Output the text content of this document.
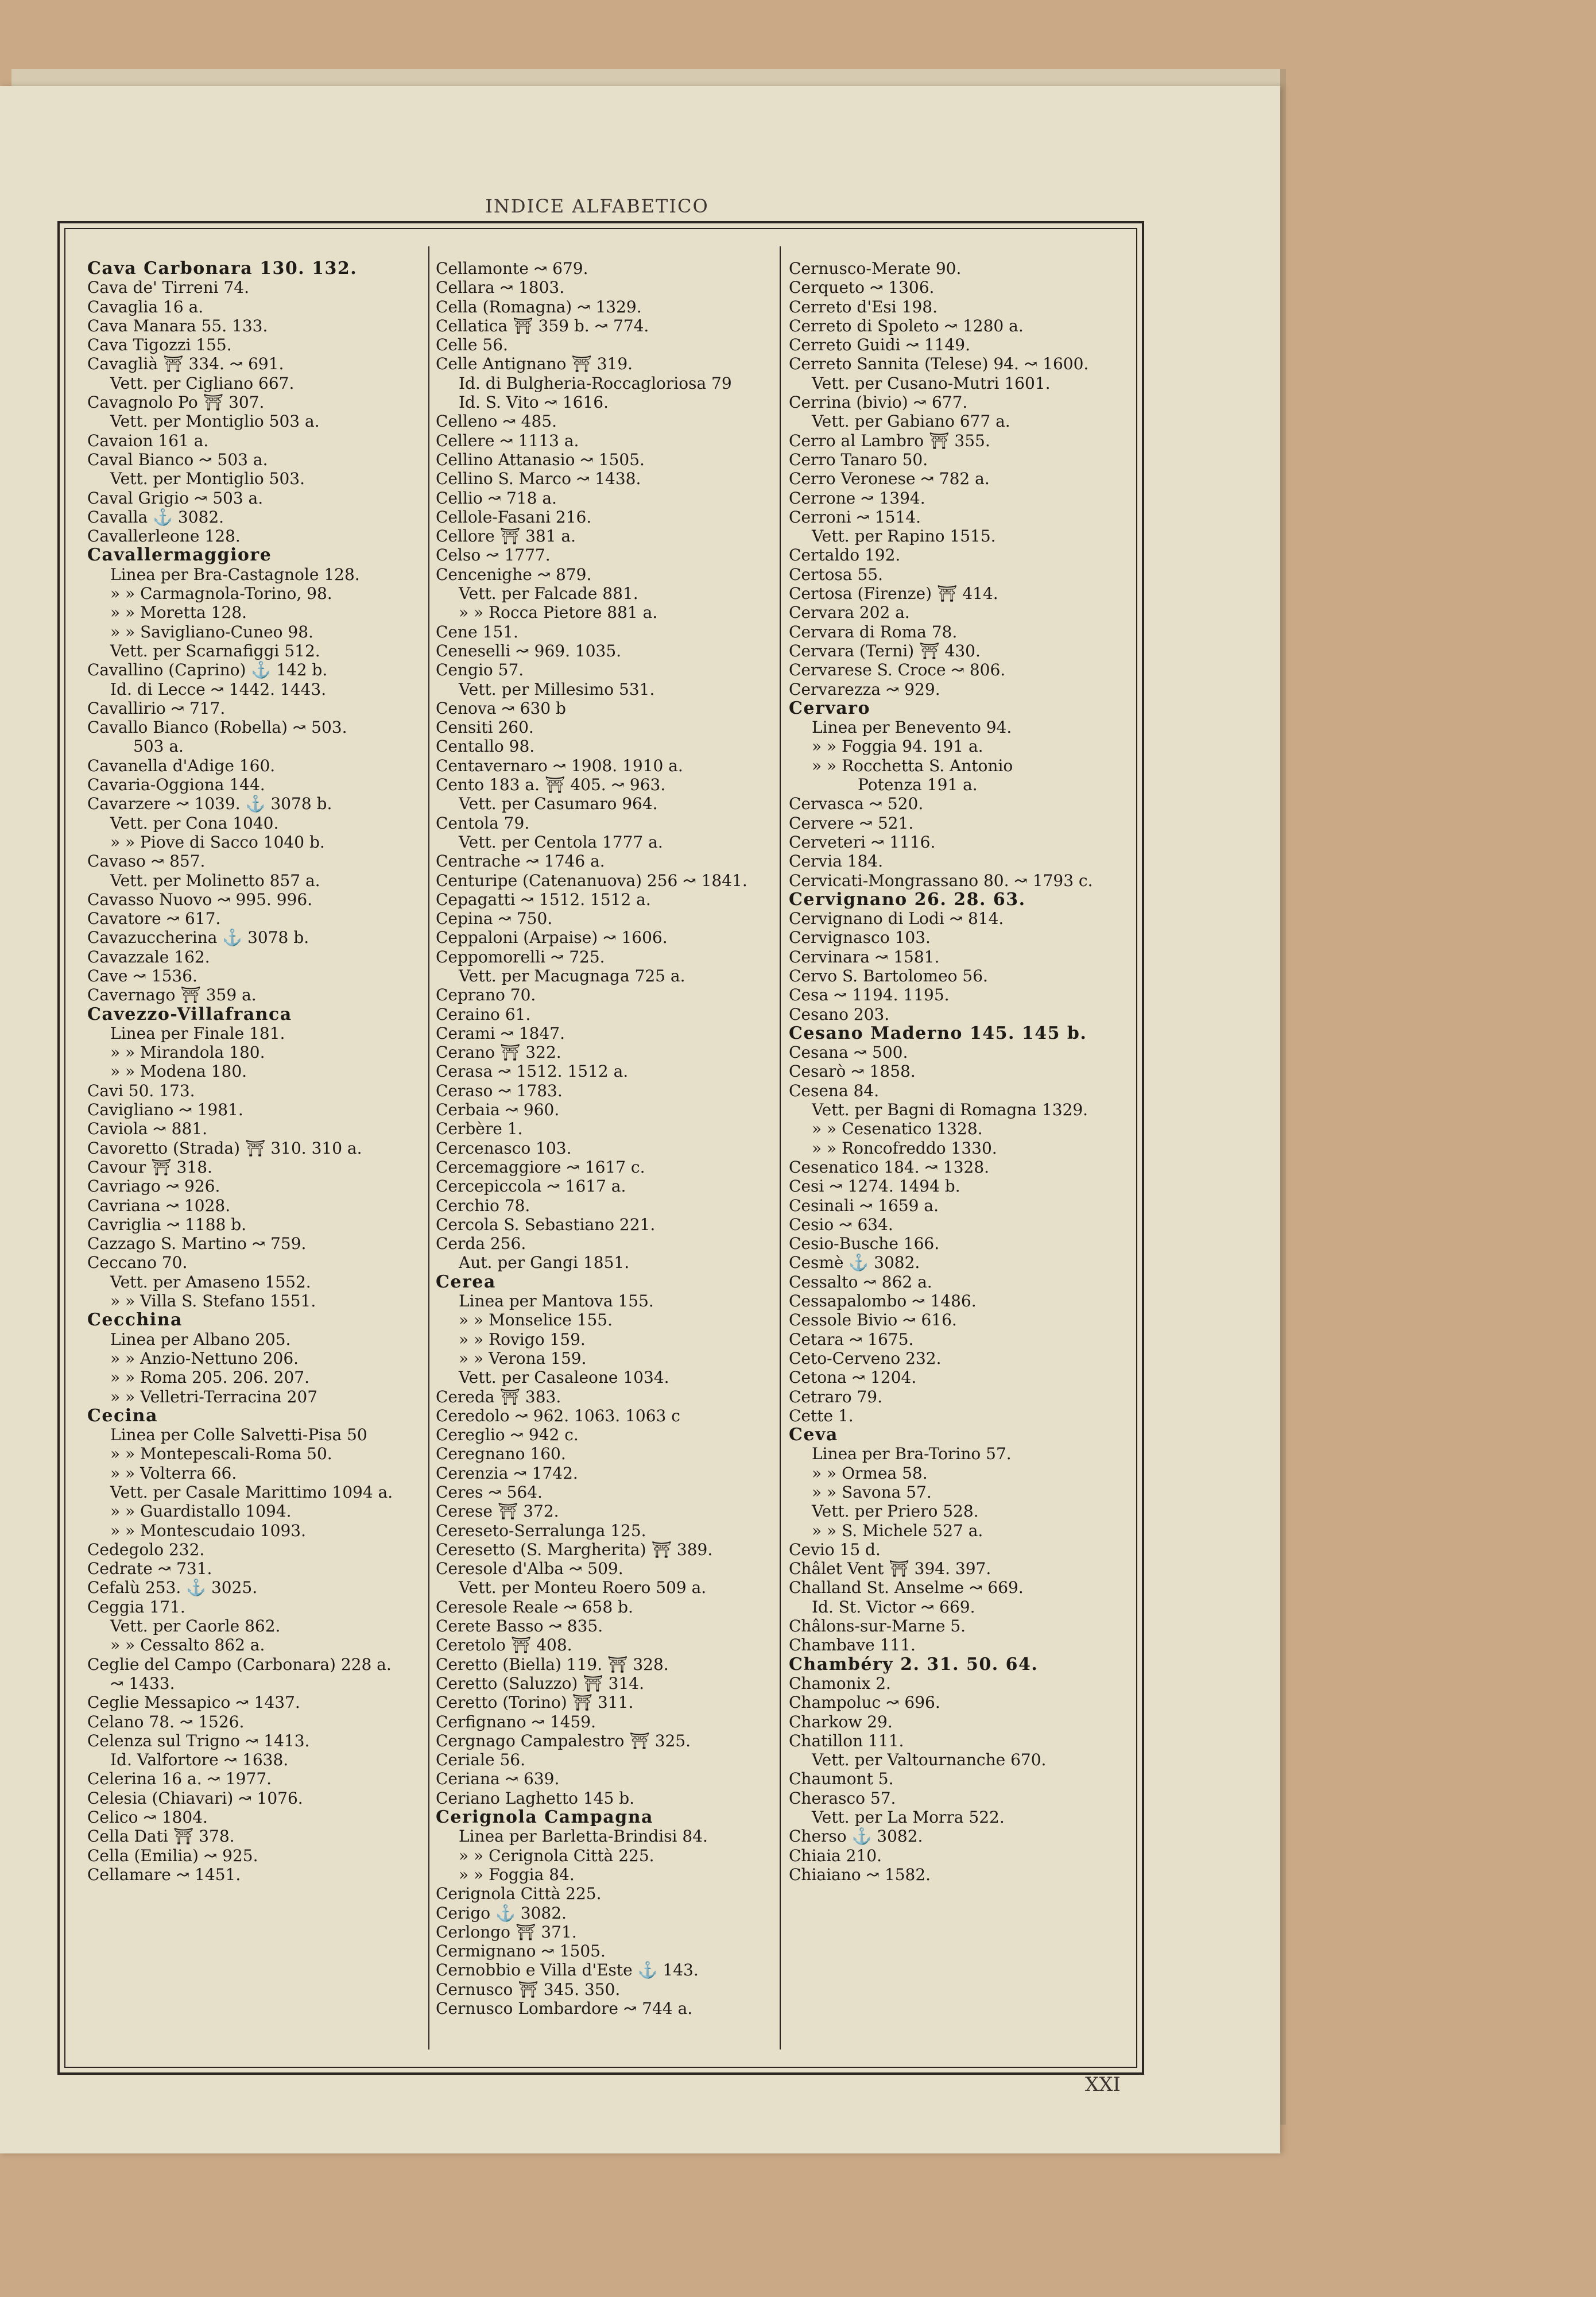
INDICE ALFABETICO
Cava Carbonara 130. 132.
Cava de' Tirreni 74.
Cavaglia 16 a.
Cava Manara 55. 133.
Cava Tigozzi 155.
Cavaglià ⛩ 334. ↝ 691.
Vett. per Cigliano 667.
Cavagnolo Po ⛩ 307.
Vett. per Montiglio 503 a.
Cavaion 161 a.
Caval Bianco ↝ 503 a.
Vett. per Montiglio 503.
Caval Grigio ↝ 503 a.
Cavalla ⚓ 3082.
Cavallerleone 128.
Cavallermaggiore
Linea per Bra-Castagnole 128.
» » Carmagnola-Torino, 98.
» » Moretta 128.
» » Savigliano-Cuneo 98.
Vett. per Scarnafiggi 512.
Cavallino (Caprino) ⚓ 142 b.
Id. di Lecce ↝ 1442. 1443.
Cavallirio ↝ 717.
Cavallo Bianco (Robella) ↝ 503.
503 a.
Cavanella d'Adige 160.
Cavaria-Oggiona 144.
Cavarzere ↝ 1039. ⚓ 3078 b.
Vett. per Cona 1040.
» » Piove di Sacco 1040 b.
Cavaso ↝ 857.
Vett. per Molinetto 857 a.
Cavasso Nuovo ↝ 995. 996.
Cavatore ↝ 617.
Cavazuccherina ⚓ 3078 b.
Cavazzale 162.
Cave ↝ 1536.
Cavernago ⛩ 359 a.
Cavezzo-Villafranca
Linea per Finale 181.
» » Mirandola 180.
» » Modena 180.
Cavi 50. 173.
Cavigliano ↝ 1981.
Caviola ↝ 881.
Cavoretto (Strada) ⛩ 310. 310 a.
Cavour ⛩ 318.
Cavriago ↝ 926.
Cavriana ↝ 1028.
Cavriglia ↝ 1188 b.
Cazzago S. Martino ↝ 759.
Ceccano 70.
Vett. per Amaseno 1552.
» » Villa S. Stefano 1551.
Cecchina
Linea per Albano 205.
» » Anzio-Nettuno 206.
» » Roma 205. 206. 207.
» » Velletri-Terracina 207
Cecina
Linea per Colle Salvetti-Pisa 50
» » Montepescali-Roma 50.
» » Volterra 66.
Vett. per Casale Marittimo 1094 a.
» » Guardistallo 1094.
» » Montescudaio 1093.
Cedegolo 232.
Cedrate ↝ 731.
Cefalù 253. ⚓ 3025.
Ceggia 171.
Vett. per Caorle 862.
» » Cessalto 862 a.
Ceglie del Campo (Carbonara) 228 a.
↝ 1433.
Ceglie Messapico ↝ 1437.
Celano 78. ↝ 1526.
Celenza sul Trigno ↝ 1413.
Id. Valfortore ↝ 1638.
Celerina 16 a. ↝ 1977.
Celesia (Chiavari) ↝ 1076.
Celico ↝ 1804.
Cella Dati ⛩ 378.
Cella (Emilia) ↝ 925.
Cellamare ↝ 1451.
Cellamonte ↝ 679.
Cellara ↝ 1803.
Cella (Romagna) ↝ 1329.
Cellatica ⛩ 359 b. ↝ 774.
Celle 56.
Celle Antignano ⛩ 319.
Id. di Bulgheria-Roccagloriosa 79
Id. S. Vito ↝ 1616.
Celleno ↝ 485.
Cellere ↝ 1113 a.
Cellino Attanasio ↝ 1505.
Cellino S. Marco ↝ 1438.
Cellio ↝ 718 a.
Cellole-Fasani 216.
Cellore ⛩ 381 a.
Celso ↝ 1777.
Cencenighe ↝ 879.
Vett. per Falcade 881.
» » Rocca Pietore 881 a.
Cene 151.
Ceneselli ↝ 969. 1035.
Cengio 57.
Vett. per Millesimo 531.
Cenova ↝ 630 b
Censiti 260.
Centallo 98.
Centavernaro ↝ 1908. 1910 a.
Cento 183 a. ⛩ 405. ↝ 963.
Vett. per Casumaro 964.
Centola 79.
Vett. per Centola 1777 a.
Centrache ↝ 1746 a.
Centuripe (Catenanuova) 256 ↝ 1841.
Cepagatti ↝ 1512. 1512 a.
Cepina ↝ 750.
Ceppaloni (Arpaise) ↝ 1606.
Ceppomorelli ↝ 725.
Vett. per Macugnaga 725 a.
Ceprano 70.
Ceraino 61.
Cerami ↝ 1847.
Cerano ⛩ 322.
Cerasa ↝ 1512. 1512 a.
Ceraso ↝ 1783.
Cerbaia ↝ 960.
Cerbère 1.
Cercenasco 103.
Cercemaggiore ↝ 1617 c.
Cercepiccola ↝ 1617 a.
Cerchio 78.
Cercola S. Sebastiano 221.
Cerda 256.
Aut. per Gangi 1851.
Cerea
Linea per Mantova 155.
» » Monselice 155.
» » Rovigo 159.
» » Verona 159.
Vett. per Casaleone 1034.
Cereda ⛩ 383.
Ceredolo ↝ 962. 1063. 1063 c
Cereglio ↝ 942 c.
Ceregnano 160.
Cerenzia ↝ 1742.
Ceres ↝ 564.
Cerese ⛩ 372.
Cereseto-Serralunga 125.
Ceresetto (S. Margherita) ⛩ 389.
Ceresole d'Alba ↝ 509.
Vett. per Monteu Roero 509 a.
Ceresole Reale ↝ 658 b.
Cerete Basso ↝ 835.
Ceretolo ⛩ 408.
Ceretto (Biella) 119. ⛩ 328.
Ceretto (Saluzzo) ⛩ 314.
Ceretto (Torino) ⛩ 311.
Cerfignano ↝ 1459.
Cergnago Campalestro ⛩ 325.
Ceriale 56.
Ceriana ↝ 639.
Ceriano Laghetto 145 b.
Cerignola Campagna
Linea per Barletta-Brindisi 84.
» » Cerignola Città 225.
» » Foggia 84.
Cerignola Città 225.
Cerigo ⚓ 3082.
Cerlongo ⛩ 371.
Cermignano ↝ 1505.
Cernobbio e Villa d'Este ⚓ 143.
Cernusco ⛩ 345. 350.
Cernusco Lombardore ↝ 744 a.
Cernusco-Merate 90.
Cerqueto ↝ 1306.
Cerreto d'Esi 198.
Cerreto di Spoleto ↝ 1280 a.
Cerreto Guidi ↝ 1149.
Cerreto Sannita (Telese) 94. ↝ 1600.
Vett. per Cusano-Mutri 1601.
Cerrina (bivio) ↝ 677.
Vett. per Gabiano 677 a.
Cerro al Lambro ⛩ 355.
Cerro Tanaro 50.
Cerro Veronese ↝ 782 a.
Cerrone ↝ 1394.
Cerroni ↝ 1514.
Vett. per Rapino 1515.
Certaldo 192.
Certosa 55.
Certosa (Firenze) ⛩ 414.
Cervara 202 a.
Cervara di Roma 78.
Cervara (Terni) ⛩ 430.
Cervarese S. Croce ↝ 806.
Cervarezza ↝ 929.
Cervaro
Linea per Benevento 94.
» » Foggia 94. 191 a.
» » Rocchetta S. Antonio
Potenza 191 a.
Cervasca ↝ 520.
Cervere ↝ 521.
Cerveteri ↝ 1116.
Cervia 184.
Cervicati-Mongrassano 80. ↝ 1793 c.
Cervignano 26. 28. 63.
Cervignano di Lodi ↝ 814.
Cervignasco 103.
Cervinara ↝ 1581.
Cervo S. Bartolomeo 56.
Cesa ↝ 1194. 1195.
Cesano 203.
Cesano Maderno 145. 145 b.
Cesana ↝ 500.
Cesarò ↝ 1858.
Cesena 84.
Vett. per Bagni di Romagna 1329.
» » Cesenatico 1328.
» » Roncofreddo 1330.
Cesenatico 184. ↝ 1328.
Cesi ↝ 1274. 1494 b.
Cesinali ↝ 1659 a.
Cesio ↝ 634.
Cesio-Busche 166.
Cesmè ⚓ 3082.
Cessalto ↝ 862 a.
Cessapalombo ↝ 1486.
Cessole Bivio ↝ 616.
Cetara ↝ 1675.
Ceto-Cerveno 232.
Cetona ↝ 1204.
Cetraro 79.
Cette 1.
Ceva
Linea per Bra-Torino 57.
» » Ormea 58.
» » Savona 57.
Vett. per Priero 528.
» » S. Michele 527 a.
Cevio 15 d.
Châlet Vent ⛩ 394. 397.
Challand St. Anselme ↝ 669.
Id. St. Victor ↝ 669.
Châlons-sur-Marne 5.
Chambave 111.
Chambéry 2. 31. 50. 64.
Chamonix 2.
Champoluc ↝ 696.
Charkow 29.
Chatillon 111.
Vett. per Valtournanche 670.
Chaumont 5.
Cherasco 57.
Vett. per La Morra 522.
Cherso ⚓ 3082.
Chiaia 210.
Chiaiano ↝ 1582.
XXI
